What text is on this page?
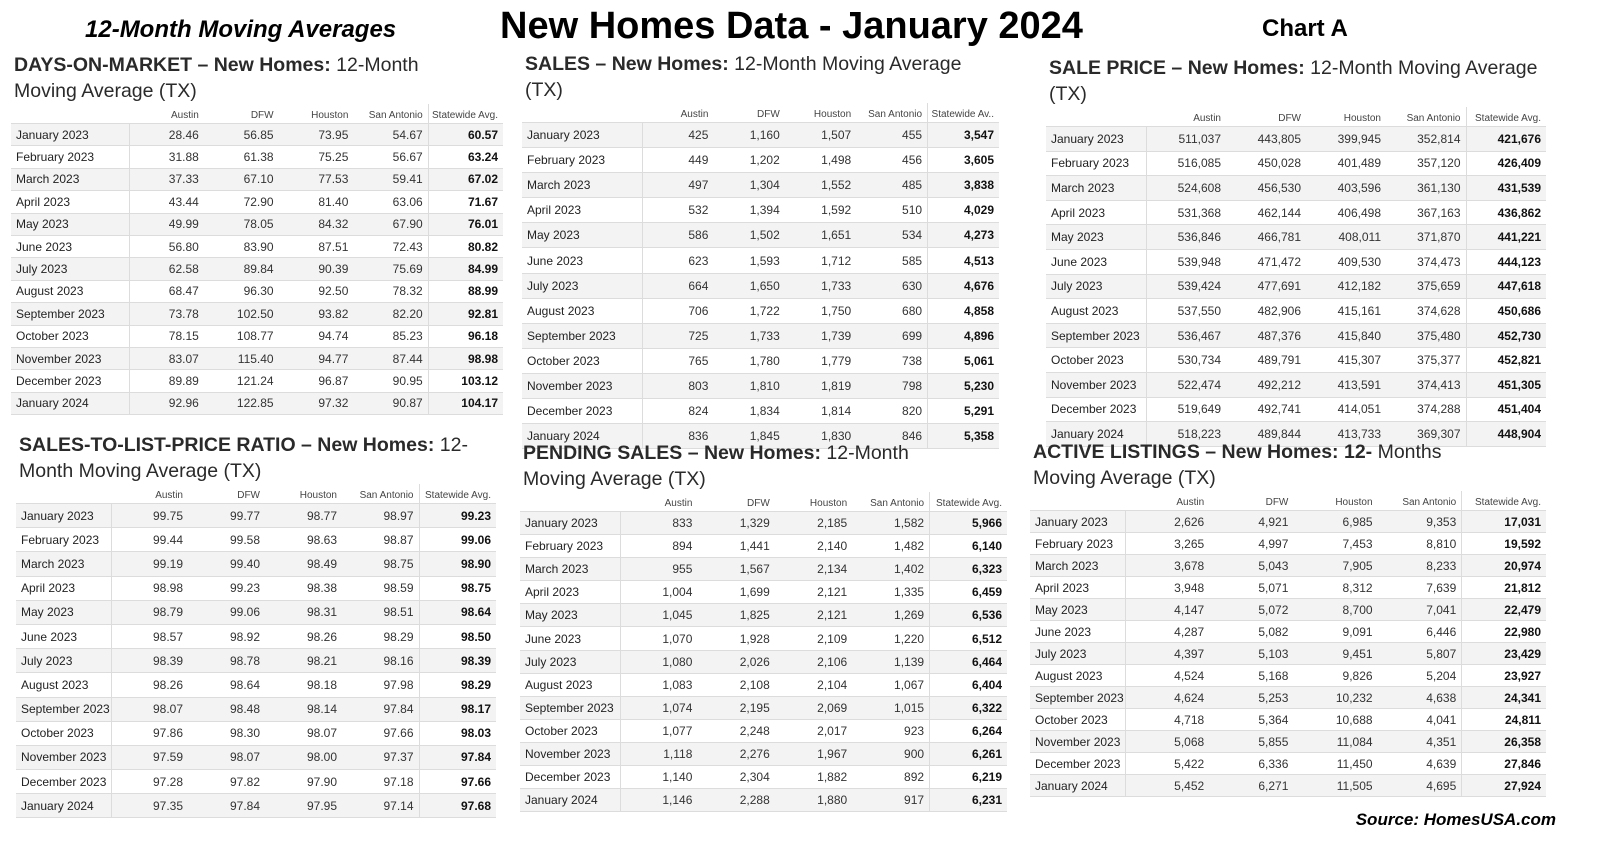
12-Month Moving Averages	New Homes Data - January 2024	Chart A
DAYS-ON-MARKET – New Homes: 12-Month Moving Average (TX)
	Austin	DFW	Houston	San Antonio	Statewide Avg.
January 2023	28.46	56.85	73.95	54.67	60.57
February 2023	31.88	61.38	75.25	56.67	63.24
March 2023	37.33	67.10	77.53	59.41	67.02
April 2023	43.44	72.90	81.40	63.06	71.67
May 2023	49.99	78.05	84.32	67.90	76.01
June 2023	56.80	83.90	87.51	72.43	80.82
July 2023	62.58	89.84	90.39	75.69	84.99
August 2023	68.47	96.30	92.50	78.32	88.99
September 2023	73.78	102.50	93.82	82.20	92.81
October 2023	78.15	108.77	94.74	85.23	96.18
November 2023	83.07	115.40	94.77	87.44	98.98
December 2023	89.89	121.24	96.87	90.95	103.12
January 2024	92.96	122.85	97.32	90.87	104.17
SALES – New Homes: 12-Month Moving Average (TX)
	Austin	DFW	Houston	San Antonio	Statewide Av..
January 2023	425	1,160	1,507	455	3,547
February 2023	449	1,202	1,498	456	3,605
March 2023	497	1,304	1,552	485	3,838
April 2023	532	1,394	1,592	510	4,029
May 2023	586	1,502	1,651	534	4,273
June 2023	623	1,593	1,712	585	4,513
July 2023	664	1,650	1,733	630	4,676
August 2023	706	1,722	1,750	680	4,858
September 2023	725	1,733	1,739	699	4,896
October 2023	765	1,780	1,779	738	5,061
November 2023	803	1,810	1,819	798	5,230
December 2023	824	1,834	1,814	820	5,291
January 2024	836	1,845	1,830	846	5,358
SALE PRICE – New Homes: 12-Month Moving Average (TX)
	Austin	DFW	Houston	San Antonio	Statewide Avg.
January 2023	511,037	443,805	399,945	352,814	421,676
February 2023	516,085	450,028	401,489	357,120	426,409
March 2023	524,608	456,530	403,596	361,130	431,539
April 2023	531,368	462,144	406,498	367,163	436,862
May 2023	536,846	466,781	408,011	371,870	441,221
June 2023	539,948	471,472	409,530	374,473	444,123
July 2023	539,424	477,691	412,182	375,659	447,618
August 2023	537,550	482,906	415,161	374,628	450,686
September 2023	536,467	487,376	415,840	375,480	452,730
October 2023	530,734	489,791	415,307	375,377	452,821
November 2023	522,474	492,212	413,591	374,413	451,305
December 2023	519,649	492,741	414,051	374,288	451,404
January 2024	518,223	489,844	413,733	369,307	448,904
SALES-TO-LIST-PRICE RATIO – New Homes: 12-Month Moving Average (TX)
	Austin	DFW	Houston	San Antonio	Statewide Avg.
January 2023	99.75	99.77	98.77	98.97	99.23
February 2023	99.44	99.58	98.63	98.87	99.06
March 2023	99.19	99.40	98.49	98.75	98.90
April 2023	98.98	99.23	98.38	98.59	98.75
May 2023	98.79	99.06	98.31	98.51	98.64
June 2023	98.57	98.92	98.26	98.29	98.50
July 2023	98.39	98.78	98.21	98.16	98.39
August 2023	98.26	98.64	98.18	97.98	98.29
September 2023	98.07	98.48	98.14	97.84	98.17
October 2023	97.86	98.30	98.07	97.66	98.03
November 2023	97.59	98.07	98.00	97.37	97.84
December 2023	97.28	97.82	97.90	97.18	97.66
January 2024	97.35	97.84	97.95	97.14	97.68
PENDING SALES – New Homes: 12-Month Moving Average (TX)
	Austin	DFW	Houston	San Antonio	Statewide Avg.
January 2023	833	1,329	2,185	1,582	5,966
February 2023	894	1,441	2,140	1,482	6,140
March 2023	955	1,567	2,134	1,402	6,323
April 2023	1,004	1,699	2,121	1,335	6,459
May 2023	1,045	1,825	2,121	1,269	6,536
June 2023	1,070	1,928	2,109	1,220	6,512
July 2023	1,080	2,026	2,106	1,139	6,464
August 2023	1,083	2,108	2,104	1,067	6,404
September 2023	1,074	2,195	2,069	1,015	6,322
October 2023	1,077	2,248	2,017	923	6,264
November 2023	1,118	2,276	1,967	900	6,261
December 2023	1,140	2,304	1,882	892	6,219
January 2024	1,146	2,288	1,880	917	6,231
ACTIVE LISTINGS – New Homes: 12- Months Moving Average (TX)
	Austin	DFW	Houston	San Antonio	Statewide Avg.
January 2023	2,626	4,921	6,985	9,353	17,031
February 2023	3,265	4,997	7,453	8,810	19,592
March 2023	3,678	5,043	7,905	8,233	20,974
April 2023	3,948	5,071	8,312	7,639	21,812
May 2023	4,147	5,072	8,700	7,041	22,479
June 2023	4,287	5,082	9,091	6,446	22,980
July 2023	4,397	5,103	9,451	5,807	23,429
August 2023	4,524	5,168	9,826	5,204	23,927
September 2023	4,624	5,253	10,232	4,638	24,341
October 2023	4,718	5,364	10,688	4,041	24,811
November 2023	5,068	5,855	11,084	4,351	26,358
December 2023	5,422	6,336	11,450	4,639	27,846
January 2024	5,452	6,271	11,505	4,695	27,924
Source: HomesUSA.com
